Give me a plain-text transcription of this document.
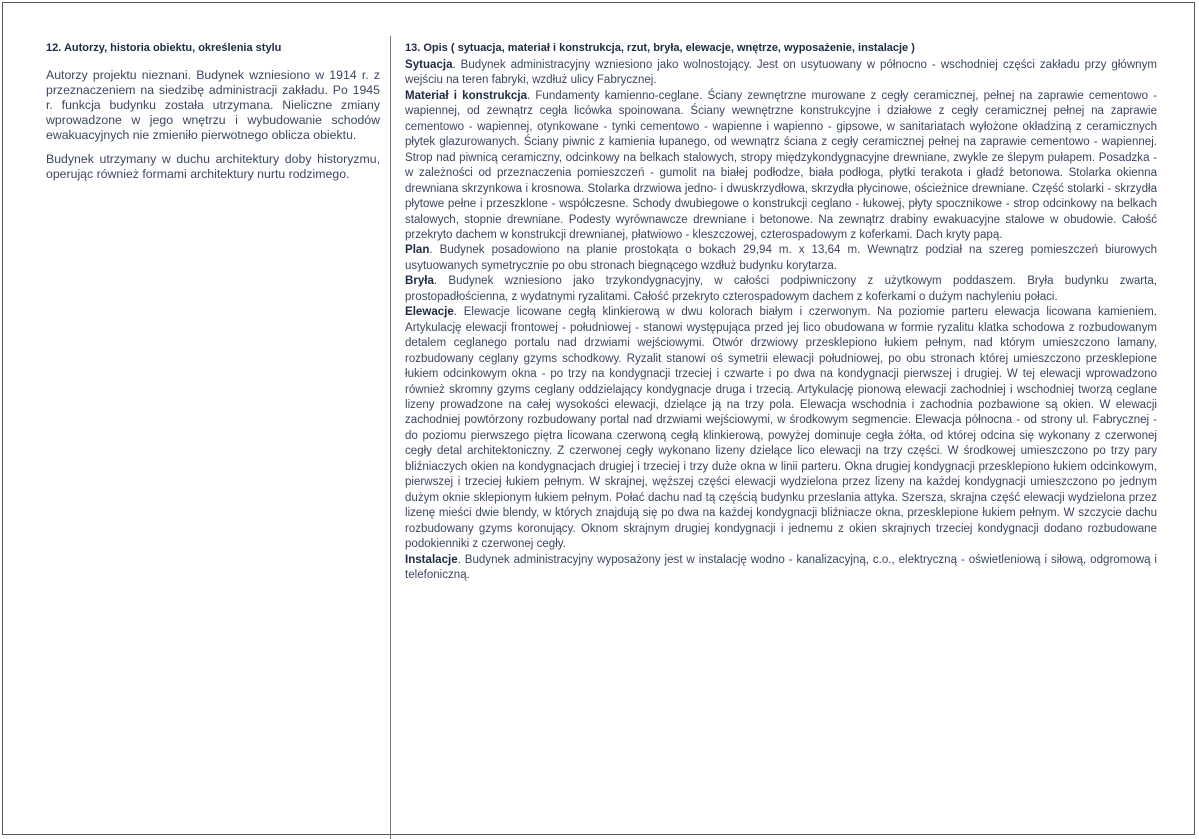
12. Autorzy, historia obiektu, określenia stylu

Autorzy projektu nieznani. Budynek wzniesiono w 1914 r. z przeznaczeniem na siedzibę administracji zakładu. Po 1945 r. funkcja budynku została utrzymana. Nieliczne zmiany wprowadzone w jego wnętrzu i wybudowanie schodów ewakuacyjnych nie zmieniło pierwotnego oblicza obiektu.

Budynek utrzymany w duchu architektury doby historyzmu, operując również formami architektury nurtu rodzimego.

13. Opis ( sytuacja, materiał i konstrukcja, rzut, bryła, elewacje, wnętrze, wyposażenie, instalacje )

Sytuacja. Budynek administracyjny wzniesiono jako wolnostojący. Jest on usytuowany w północno - wschodniej części zakładu przy głównym wejściu na teren fabryki, wzdłuż ulicy Fabrycznej.

Materiał i konstrukcja. Fundamenty kamienno-ceglane. Ściany zewnętrzne murowane z cegły ceramicznej, pełnej na zaprawie cementowo - wapiennej, od zewnątrz cegła licówka spoinowana. Ściany wewnętrzne konstrukcyjne i działowe z cegły ceramicznej pełnej na zaprawie cementowo - wapiennej, otynkowane - tynki cementowo - wapienne i wapienno - gipsowe, w sanitariatach wyłożone okładziną z ceramicznych płytek glazurowanych. Ściany piwnic z kamienia łupanego, od wewnątrz ściana z cegły ceramicznej pełnej na zaprawie cementowo - wapiennej. Strop nad piwnicą ceramiczny, odcinkowy na belkach stalowych, stropy międzykondygnacyjne drewniane, zwykle ze ślepym pułapem. Posadzka - w zależności od przeznaczenia pomieszczeń - gumolit na białej podłodze, biała podłoga, płytki terakota i gładź betonowa. Stolarka okienna drewniana skrzynkowa i krosnowa. Stolarka drzwiowa jedno- i dwuskrzydłowa, skrzydła płycinowe, ościeżnice drewniane. Część stolarki - skrzydła płytowe pełne i przeszklone - współczesne. Schody dwubiegowe o konstrukcji ceglano - łukowej, płyty spocznikowe - strop odcinkowy na belkach stalowych, stopnie drewniane. Podesty wyrównawcze drewniane i betonowe. Na zewnątrz drabiny ewakuacyjne stalowe w obudowie. Całość przekryto dachem w konstrukcji drewnianej, płatwiowo - kleszczowej, czterospadowym z koferkami. Dach kryty papą.

Plan. Budynek posadowiono na planie prostokąta o bokach 29,94 m. x 13,64 m. Wewnątrz podział na szereg pomieszczeń biurowych usytuowanych symetrycznie po obu stronach biegnącego wzdłuż budynku korytarza.

Bryła. Budynek wzniesiono jako trzykondygnacyjny, w całości podpiwniczony z użytkowym poddaszem. Bryła budynku zwarta, prostopadłościenna, z wydatnymi ryzalitami. Całość przekryto czterospadowym dachem z koferkami o dużym nachyleniu połaci.

Elewacje. Elewacje licowane cegłą klinkierową w dwu kolorach białym i czerwonym. Na poziomie parteru elewacja licowana kamieniem. Artykulację elewacji frontowej - południowej - stanowi występująca przed jej lico obudowana w formie ryzalitu klatka schodowa z rozbudowanym detalem ceglanego portalu nad drzwiami wejściowymi. Otwór drzwiowy przesklepiono łukiem pełnym, nad którym umieszczono lamany, rozbudowany ceglany gzyms schodkowy. Ryzalit stanowi oś symetrii elewacji południowej, po obu stronach której umieszczono przesklepione łukiem odcinkowym okna - po trzy na kondygnacji trzeciej i czwarte i po dwa na kondygnacji pierwszej i drugiej. W tej elewacji wprowadzono również skromny gzyms ceglany oddzielający kondygnacje druga i trzecią. Artykulację pionową elewacji zachodniej i wschodniej tworzą ceglane lizeny prowadzone na całej wysokości elewacji, dzielące ją na trzy pola. Elewacja wschodnia i zachodnia pozbawione są okien. W elewacji zachodniej powtórzony rozbudowany portal nad drzwiami wejściowymi, w środkowym segmencie. Elewacja północna - od strony ul. Fabrycznej - do poziomu pierwszego piętra licowana czerwoną cegłą klinkierową, powyżej dominuje cegła żółta, od której odcina się wykonany z czerwonej cegły detal architektoniczny. Z czerwonej cegły wykonano lizeny dzielące lico elewacji na trzy części. W środkowej umieszczono po trzy pary bliźniaczych okien na kondygnacjach drugiej i trzeciej i trzy duże okna w linii parteru. Okna drugiej kondygnacji przesklepiono łukiem odcinkowym, pierwszej i trzeciej łukiem pełnym. W skrajnej, węższej części elewacji wydzielona przez lizeny na każdej kondygnacji umieszczono po jednym dużym oknie sklepionym łukiem pełnym. Połać dachu nad tą częścią budynku przeslania attyka. Szersza, skrajna część elewacji wydzielona przez lizenę mieści dwie blendy, w których znajdują się po dwa na każdej kondygnacji bliźniacze okna, przesklepione łukiem pełnym. W szczycie dachu rozbudowany gzyms koronujący. Oknom skrajnym drugiej kondygnacji i jednemu z okien skrajnych trzeciej kondygnacji dodano rozbudowane podokienniki z czerwonej cegły.

Instalacje. Budynek administracyjny wyposażony jest w instalację wodno - kanalizacyjną, c.o., elektryczną - oświetleniową i siłową, odgromową i telefoniczną.
